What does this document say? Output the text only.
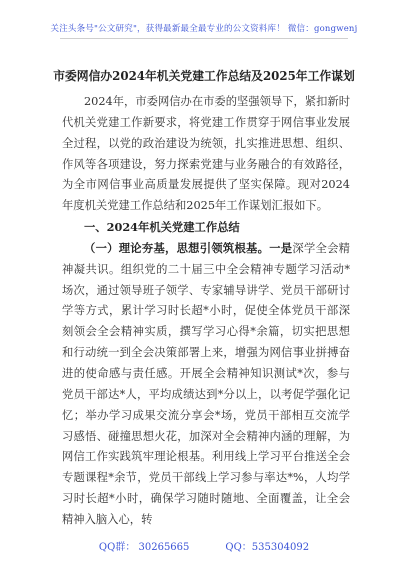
关注头条号"公文研究"，获得最新最全最专业的公文资料库！ 微信：gongwenj
市委网信办2024年机关党建工作总结及2025年工作谋划

2024年，市委网信办在市委的坚强领导下，紧扣新时代机关党建工作新要求，将党建工作贯穿于网信事业发展全过程，以党的政治建设为统领，扎实推进思想、组织、作风等各项建设，努力探索党建与业务融合的有效路径，为全市网信事业高质量发展提供了坚实保障。现对2024年度机关党建工作总结和2025年工作谋划汇报如下。

一、2024年机关党建工作总结

（一）理论夯基，思想引领筑根基。一是深学全会精神凝共识。组织党的二十届三中全会精神专题学习活动*场次，通过领导班子领学、专家辅导讲学、党员干部研讨学等方式，累计学习时长超*小时，促使全体党员干部深刻领会全会精神实质，撰写学习心得*余篇，切实把思想和行动统一到全会决策部署上来，增强为网信事业拼搏奋进的使命感与责任感。开展全会精神知识测试*次，参与党员干部达*人，平均成绩达到*分以上，以考促学强化记忆；举办学习成果交流分享会*场，党员干部相互交流学习感悟、碰撞思想火花，加深对全会精神内涵的理解，为网信工作实践筑牢理论根基。利用线上学习平台推送全会专题课程*余节，党员干部线上学习参与率达*%，人均学习时长超*小时，确保学习随时随地、全面覆盖，让全会精神入脑入心，转

QQ群： 30265665	QQ：535304092
